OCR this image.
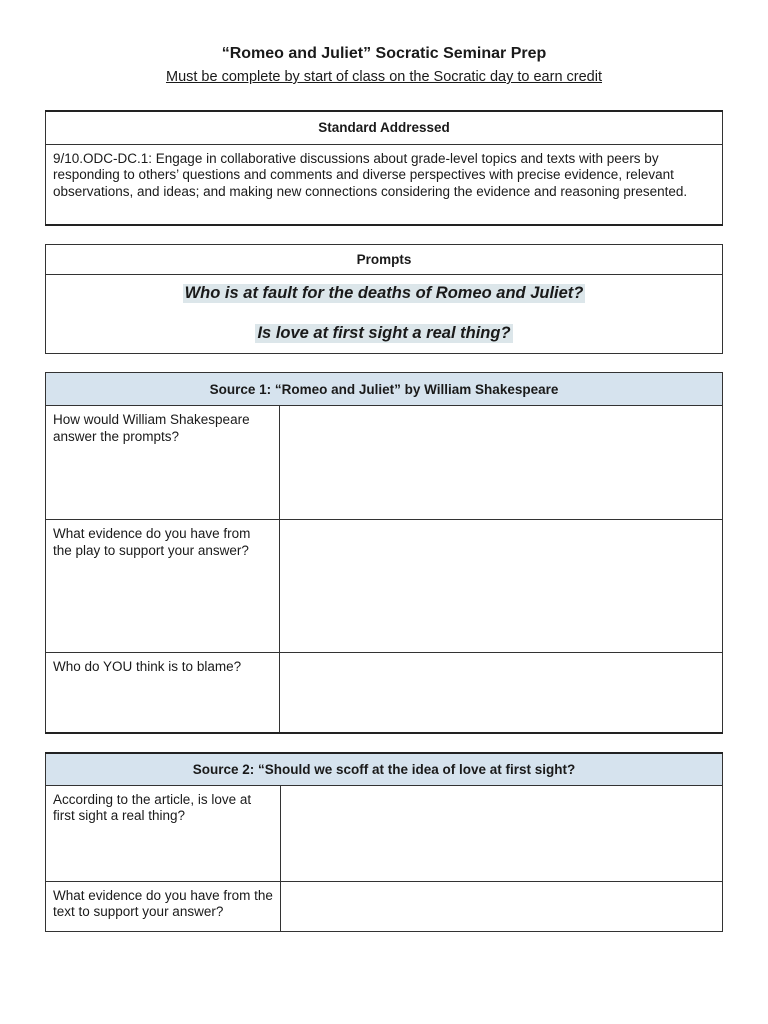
“Romeo and Juliet” Socratic Seminar Prep
Must be complete by start of class on the Socratic day to earn credit
Standard Addressed

9/10.ODC-DC.1: Engage in collaborative discussions about grade-level topics and texts with peers by responding to others’ questions and comments and diverse perspectives with precise evidence, relevant observations, and ideas; and making new connections considering the evidence and reasoning presented.
Prompts

Who is at fault for the deaths of Romeo and Juliet?
Is love at first sight a real thing?
Source 1: “Romeo and Juliet” by William Shakespeare	

How would William Shakespeare answer the prompts?	

What evidence do you have from the play to support your answer?	

Who do YOU think is to blame?	

Source 2: “Should we scoff at the idea of love at first sight?	

According to the article, is love at first sight a real thing?	

What evidence do you have from the text to support your answer?	
